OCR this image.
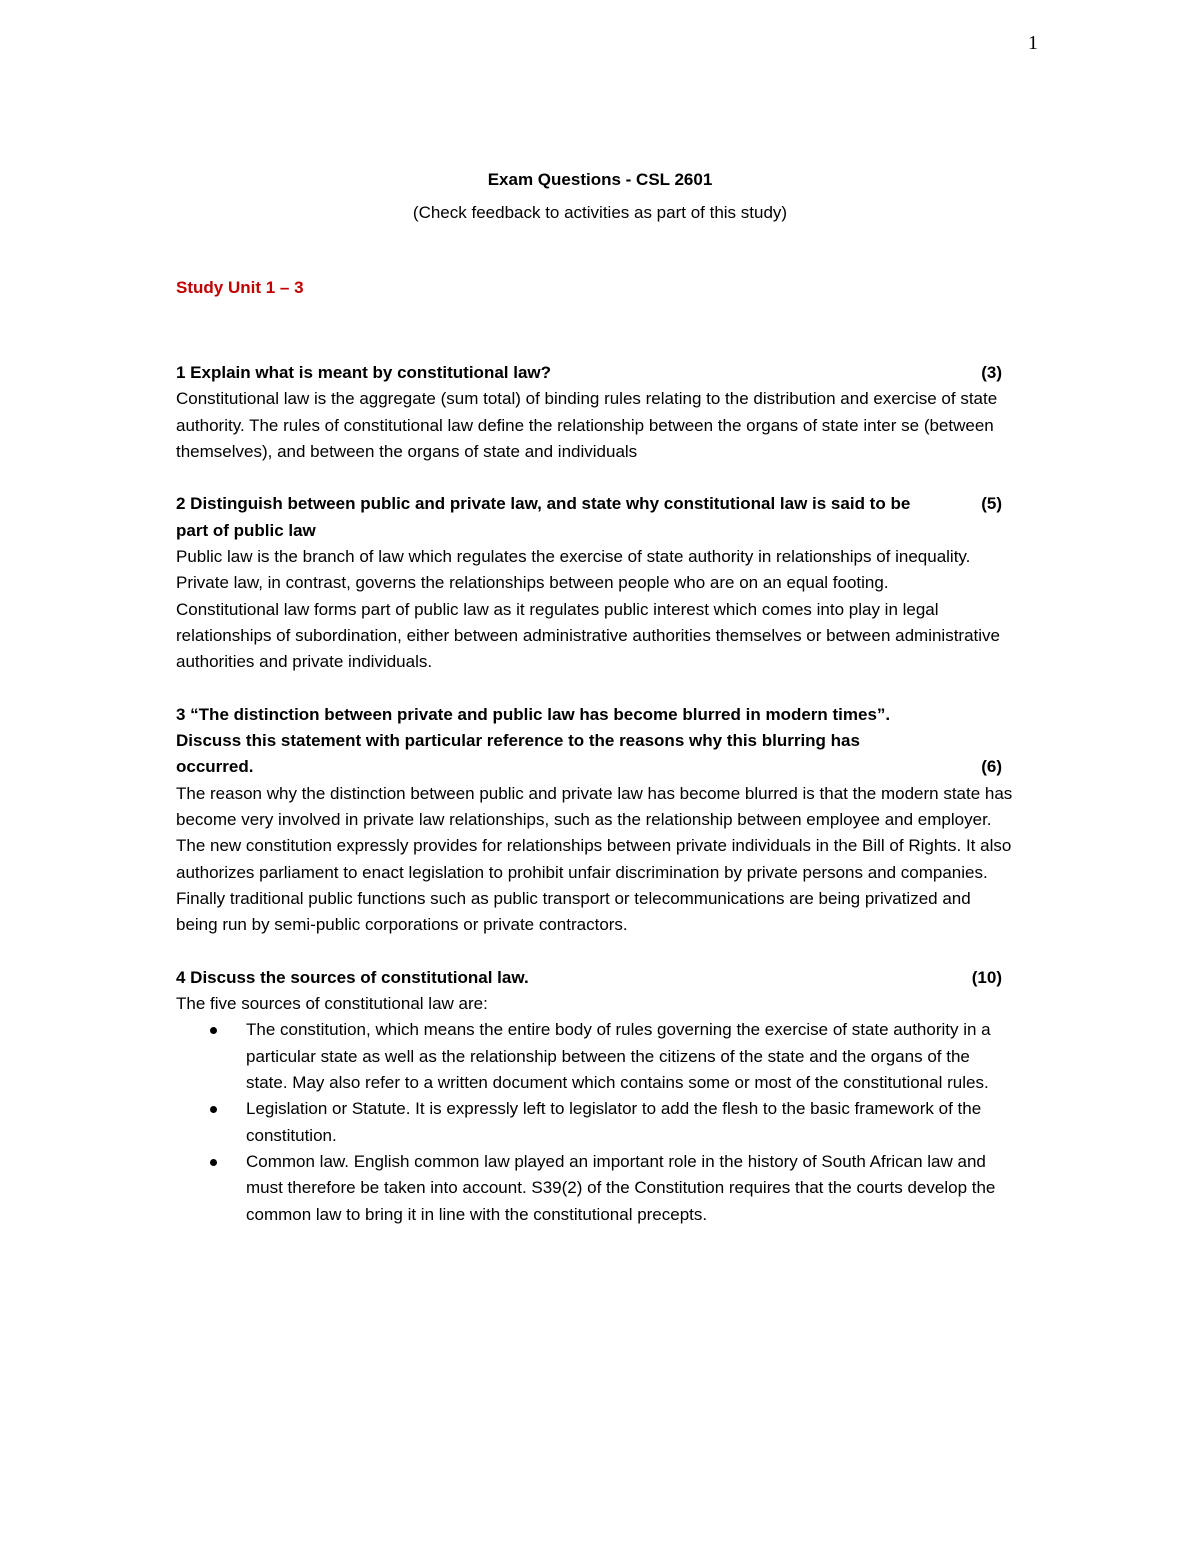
1
Exam Questions - CSL 2601
(Check feedback to activities as part of this study)
Study Unit 1 – 3
1 Explain what is meant by constitutional law?	(3)

Constitutional law is the aggregate (sum total) of binding rules relating to the distribution and exercise of state authority. The rules of constitutional law define the relationship between the organs of state inter se (between themselves), and between the organs of state and individuals

2 Distinguish between public and private law, and state why constitutional law is said to be part of public law
(5)

Public law is the branch of law which regulates the exercise of state authority in relationships of inequality.

Private law, in contrast, governs the relationships between people who are on an equal footing.

Constitutional law forms part of public law as it regulates public interest which comes into play in legal relationships of subordination, either between administrative authorities themselves or between administrative authorities and private individuals.

3 “The distinction between private and public law has become blurred in modern times”. Discuss this statement with particular reference to the reasons why this blurring has occurred.	(6)

The reason why the distinction between public and private law has become blurred is that the modern state has become very involved in private law relationships, such as the relationship between employee and employer. The new constitution expressly provides for relationships between private individuals in the Bill of Rights. It also authorizes parliament to enact legislation to prohibit unfair discrimination by private persons and companies. Finally traditional public functions such as public transport or telecommunications are being privatized and being run by semi-public corporations or private contractors.

4 Discuss the sources of constitutional law.	(10)

The five sources of constitutional law are:

The constitution, which means the entire body of rules governing the exercise of state authority in a particular state as well as the relationship between the citizens of the state and the organs of the state. May also refer to a written document which contains some or most of the constitutional rules.
Legislation or Statute. It is expressly left to legislator to add the flesh to the basic framework of the constitution.
Common law. English common law played an important role in the history of South African law and must therefore be taken into account. S39(2) of the Constitution requires that the courts develop the common law to bring it in line with the constitutional precepts.
